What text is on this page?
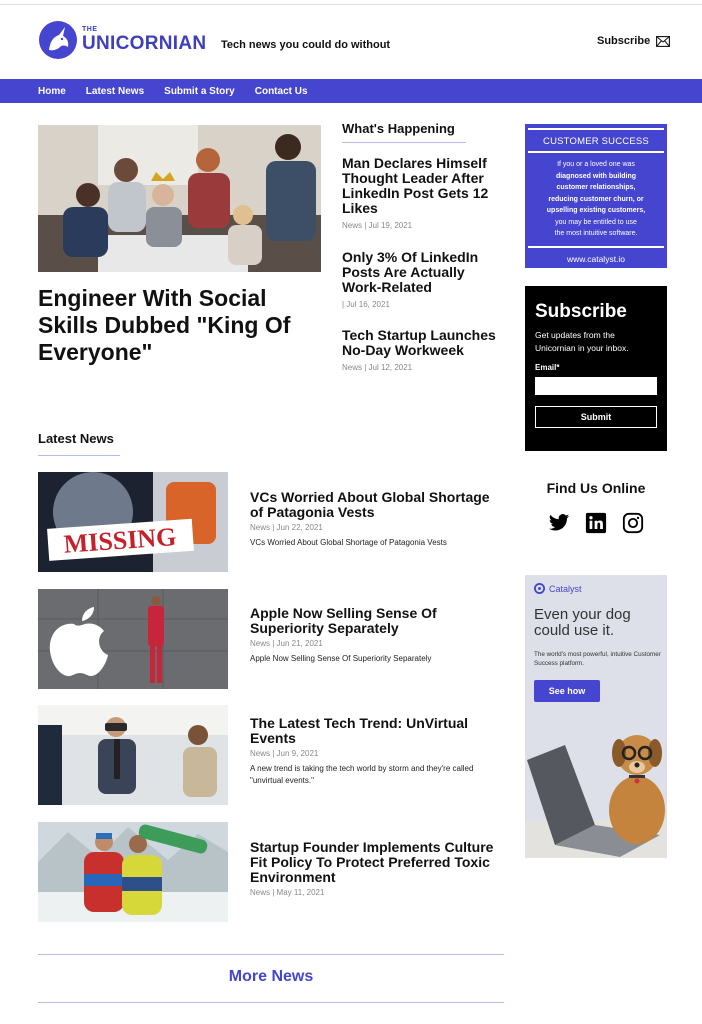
THE
UNICORNIAN Tech news you could do without	Subscribe
Home Latest News Submit a Story Contact Us
Engineer With Social Skills Dubbed "King Of Everyone"
What's Happening
Man Declares Himself Thought Leader After LinkedIn Post Gets 12 Likes
News | Jul 19, 2021
Only 3% Of LinkedIn Posts Are Actually Work-Related
| Jul 16, 2021
Tech Startup Launches No-Day Workweek
News | Jul 12, 2021
Latest News
MISSING
VCs Worried About Global Shortage of Patagonia Vests
News | Jun 22, 2021
VCs Worried About Global Shortage of Patagonia Vests
Apple Now Selling Sense Of Superiority Separately
News | Jun 21, 2021
Apple Now Selling Sense Of Superiority Separately
The Latest Tech Trend: UnVirtual Events
News | Jun 9, 2021
A new trend is taking the tech world by storm and they're called "unvirtual events."
Startup Founder Implements Culture Fit Policy To Protect Preferred Toxic Environment
News | May 11, 2021
More News
CUSTOMER SUCCESS
If you or a loved one was
diagnosed with building
customer relationships,
reducing customer churn, or
upselling existing customers,
you may be entitled to use
the most intuitive software.
www.catalyst.io
Subscribe
Get updates from the Unicornian in your inbox.
Email*
Submit
Find Us Online
Catalyst
Even your dog could use it.
The world's most powerful, intuitive Customer Success platform.
See how
